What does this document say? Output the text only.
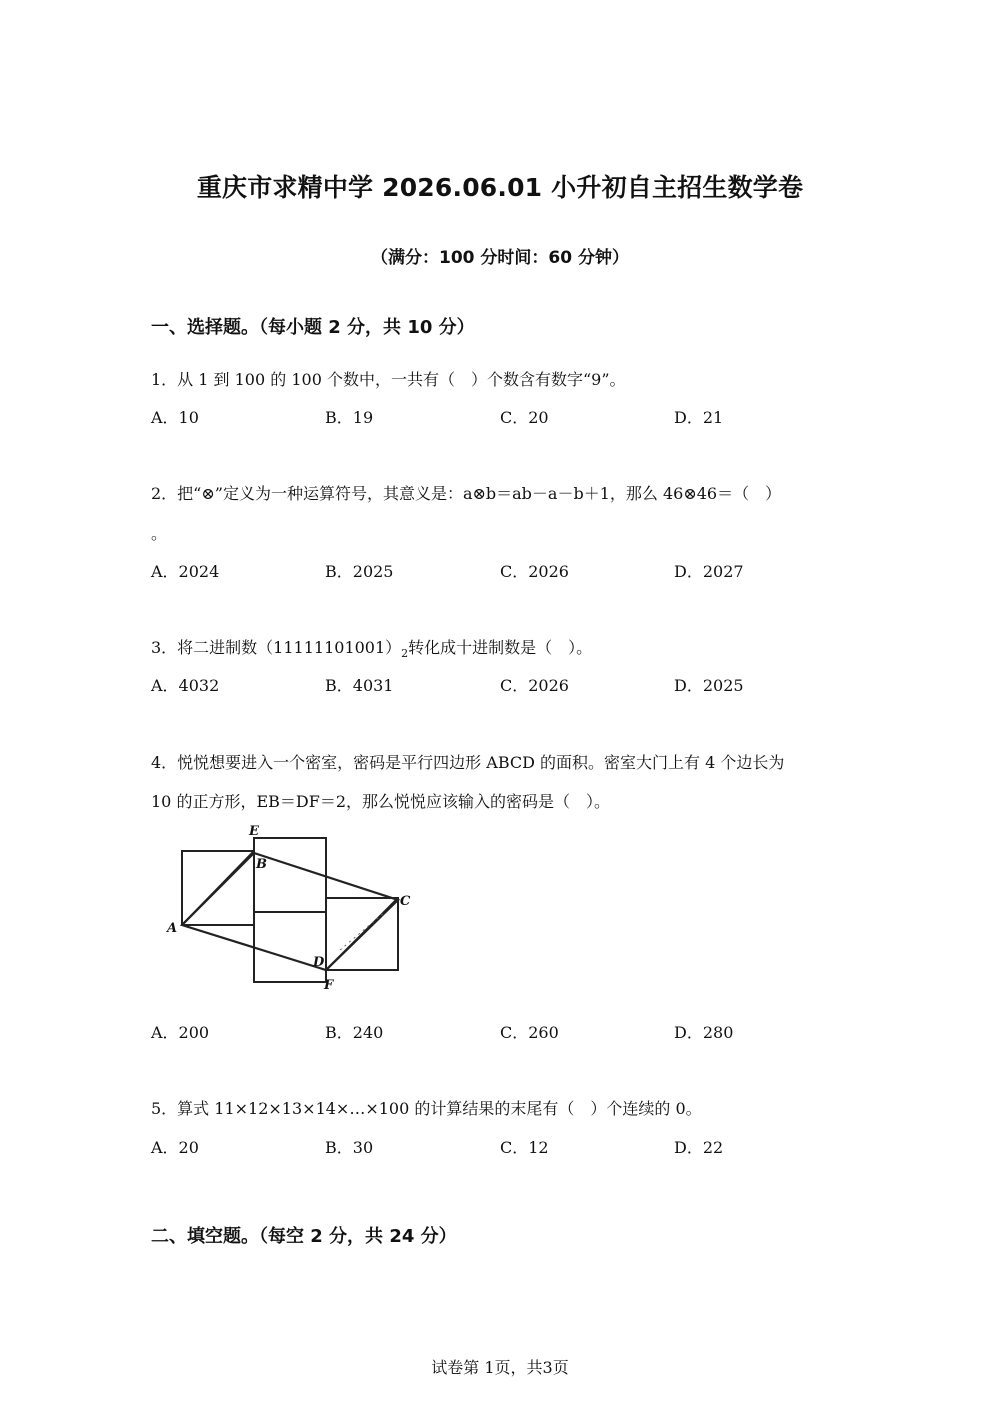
重庆市求精中学 2026.06.01 小升初自主招生数学卷
（满分：100 分时间：60 分钟）
一、选择题。（每小题 2 分，共 10 分）
1．从 1 到 100 的 100 个数中，一共有（　）个数含有数字“9”。
A．10	B．19	C．20	D．21
2．把“⊗”定义为一种运算符号，其意义是：a⊗b＝ab－a－b＋1，那么 46⊗46＝（　）
。
A．2024	B．2025	C．2026	D．2027
3．将二进制数$(11111101001)_2$转化成十进制数是（　）。
A．4032	B．4031	C．2026	D．2025
4．悦悦想要进入一个密室，密码是平行四边形 ABCD 的面积。密室大门上有 4 个边长为
10 的正方形，EB＝DF＝2，那么悦悦应该输入的密码是（　）。
E
B
C
A
D
F
A．200	B．240	C．260	D．280
5．算式 11×12×13×14×…×100 的计算结果的末尾有（　）个连续的 0。
A．20	B．30	C．12	D．22
二、填空题。（每空 2 分，共 24 分）
试卷第 1页，共3页
